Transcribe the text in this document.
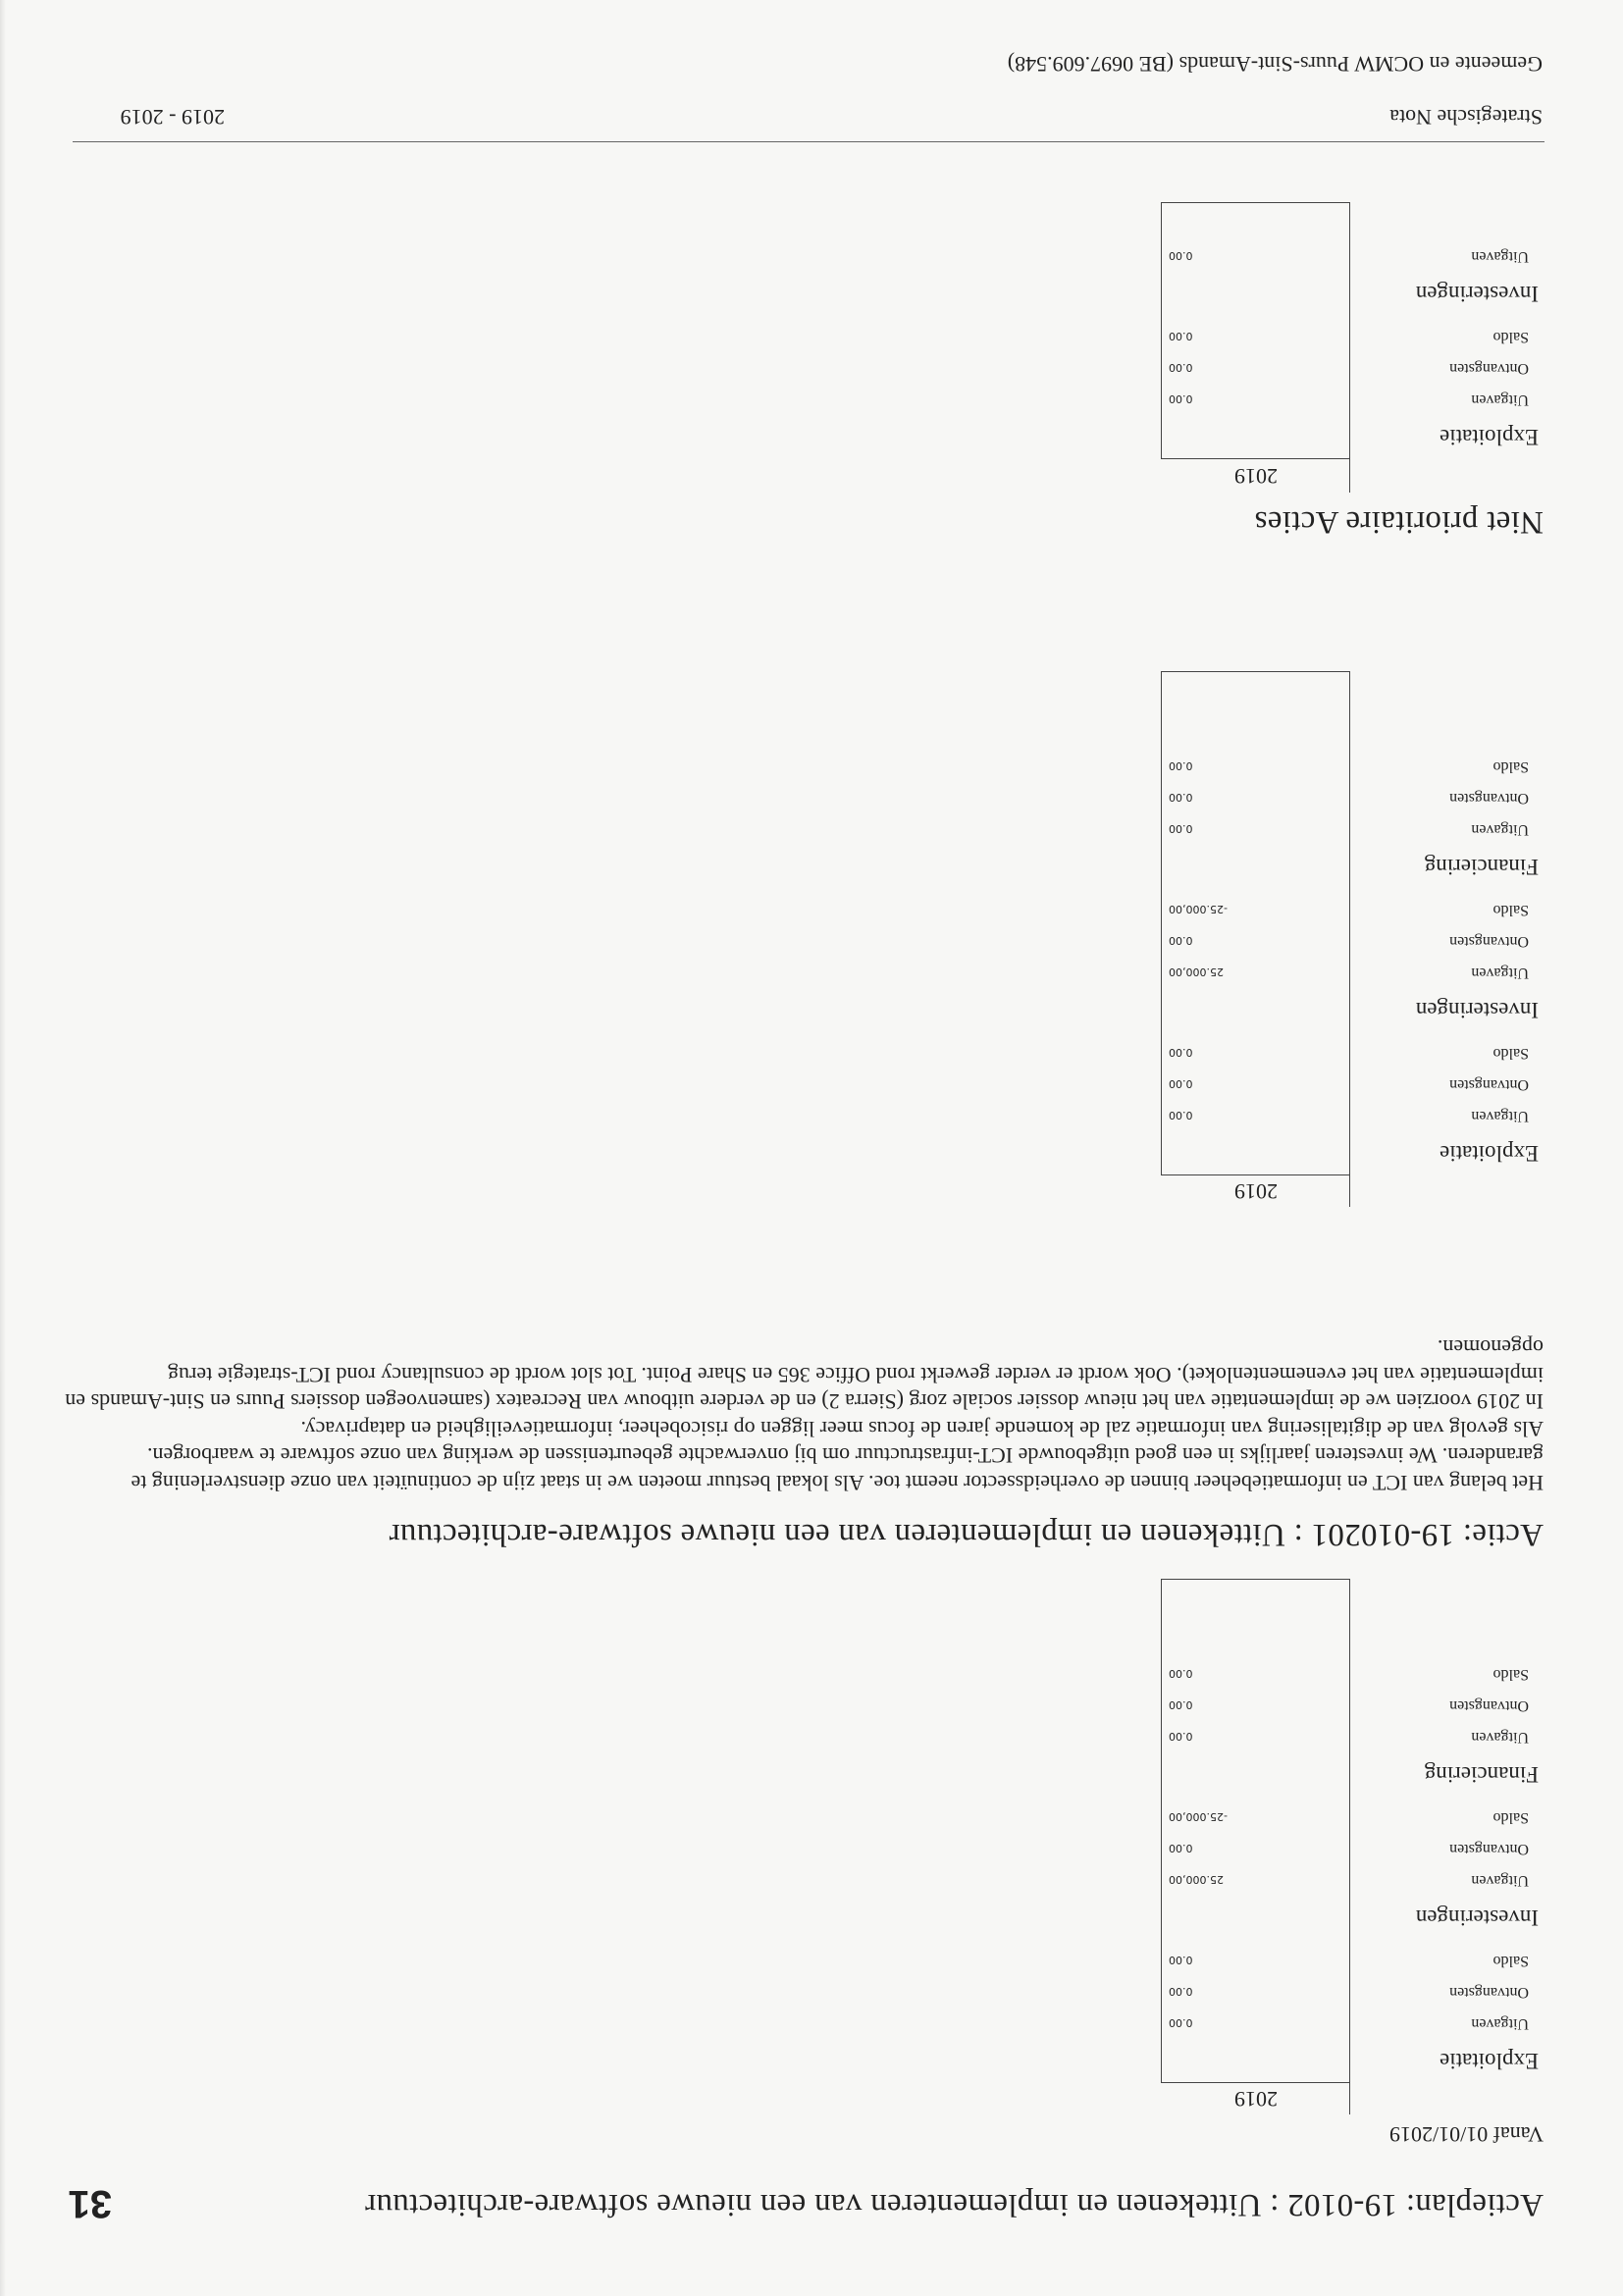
31	Actieplan: 19-0102 : Uittekenen en implementeren van een nieuwe software-architectuur
Vanaf 01/01/2019
2019
Exploitatie
Uitgaven
0.00
Ontvangsten
0.00
Saldo
0.00
Investeringen
Uitgaven
25.000,00
Ontvangsten
0.00
Saldo
-25.000,00
Financiering
Uitgaven
0.00
Ontvangsten
0.00
Saldo
0.00
Actie: 19-010201 : Uittekenen en implementeren van een nieuwe software-architectuur

Het belang van ICT en informatiebeheer binnen de overheidssector neemt toe. Als lokaal bestuur moeten we in staat zijn de continuïteit van onze dienstverlening te garanderen. We investeren jaarlijks in een goed uitgebouwde ICT-infrastructuur om bij onverwachte gebeurtenissen de werking van onze software te waarborgen.

Als gevolg van de digitalisering van informatie zal de komende jaren de focus meer liggen op risicobeheer, informatieveiligheid en dataprivacy.

In 2019 voorzien we de implementatie van het nieuw dossier sociale zorg (Sierra 2) en de verdere uitbouw van Recreatex (samenvoegen dossiers Puurs en Sint-Amands en implementatie van het evenementenloket). Ook wordt er verder gewerkt rond Office 365 en Share Point. Tot slot wordt de consultancy rond ICT-strategie terug opgenomen.

2019
Exploitatie
Uitgaven
0.00
Ontvangsten
0.00
Saldo
0.00
Investeringen
Uitgaven
25.000,00
Ontvangsten
0.00
Saldo
-25.000,00
Financiering
Uitgaven
0.00
Ontvangsten
0.00
Saldo
0.00
Niet prioritaire Acties
2019
Exploitatie
Uitgaven
0.00
Ontvangsten
0.00
Saldo
0.00
Investeringen
Uitgaven
0.00
Strategische Nota
2019 - 2019
Gemeente en OCMW Puurs-Sint-Amands (BE 0697.609.548)
